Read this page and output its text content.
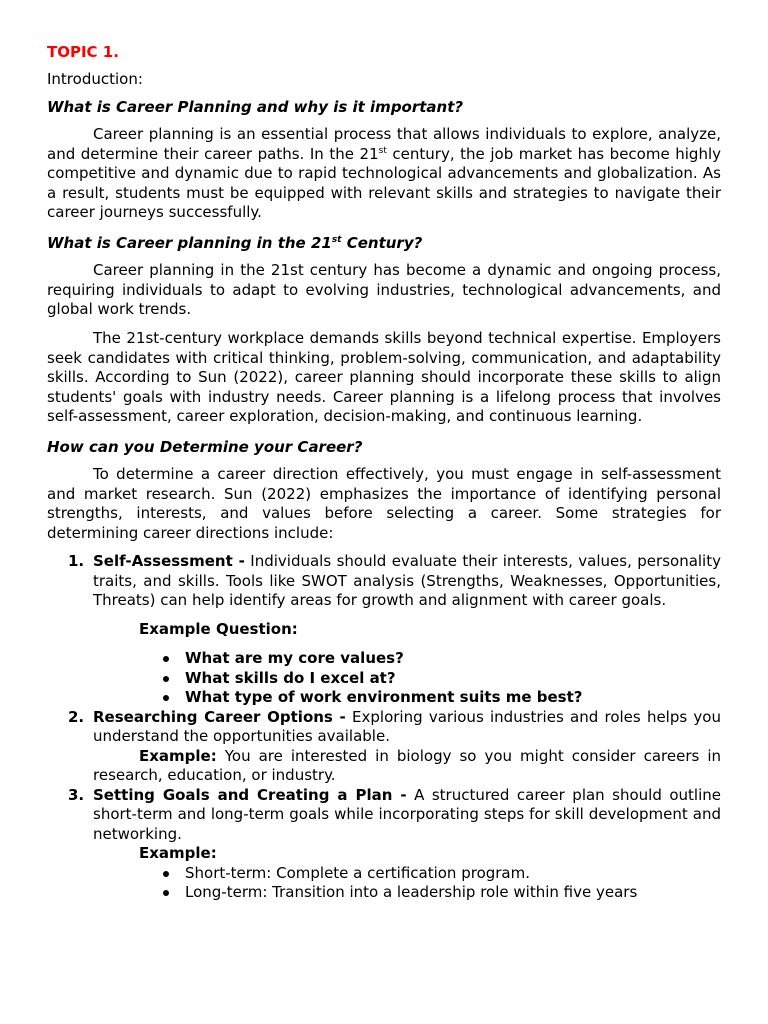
TOPIC 1.
Introduction:
What is Career Planning and why is it important?

Career planning is an essential process that allows individuals to explore, analyze, and determine their career paths. In the 21st century, the job market has become highly competitive and dynamic due to rapid technological advancements and globalization. As a result, students must be equipped with relevant skills and strategies to navigate their career journeys successfully.

What is Career planning in the 21st Century?

Career planning in the 21st century has become a dynamic and ongoing process, requiring individuals to adapt to evolving industries, technological advancements, and global work trends.

The 21st-century workplace demands skills beyond technical expertise. Employers seek candidates with critical thinking, problem-solving, communication, and adaptability skills. According to Sun (2022), career planning should incorporate these skills to align students' goals with industry needs. Career planning is a lifelong process that involves self-assessment, career exploration, decision-making, and continuous learning.

How can you Determine your Career?

To determine a career direction effectively, you must engage in self-assessment and market research. Sun (2022) emphasizes the importance of identifying personal strengths, interests, and values before selecting a career. Some strategies for determining career directions include:

1. Self-Assessment - Individuals should evaluate their interests, values, personality traits, and skills. Tools like SWOT analysis (Strengths, Weaknesses, Opportunities, Threats) can help identify areas for growth and alignment with career goals.
Example Question:
What are my core values?
What skills do I excel at?
What type of work environment suits me best?
2. Researching Career Options - Exploring various industries and roles helps you understand the opportunities available.
Example: You are interested in biology so you might consider careers in research, education, or industry.
3. Setting Goals and Creating a Plan - A structured career plan should outline short-term and long-term goals while incorporating steps for skill development and networking.
Example:
Short-term: Complete a certification program.
Long-term: Transition into a leadership role within five years
